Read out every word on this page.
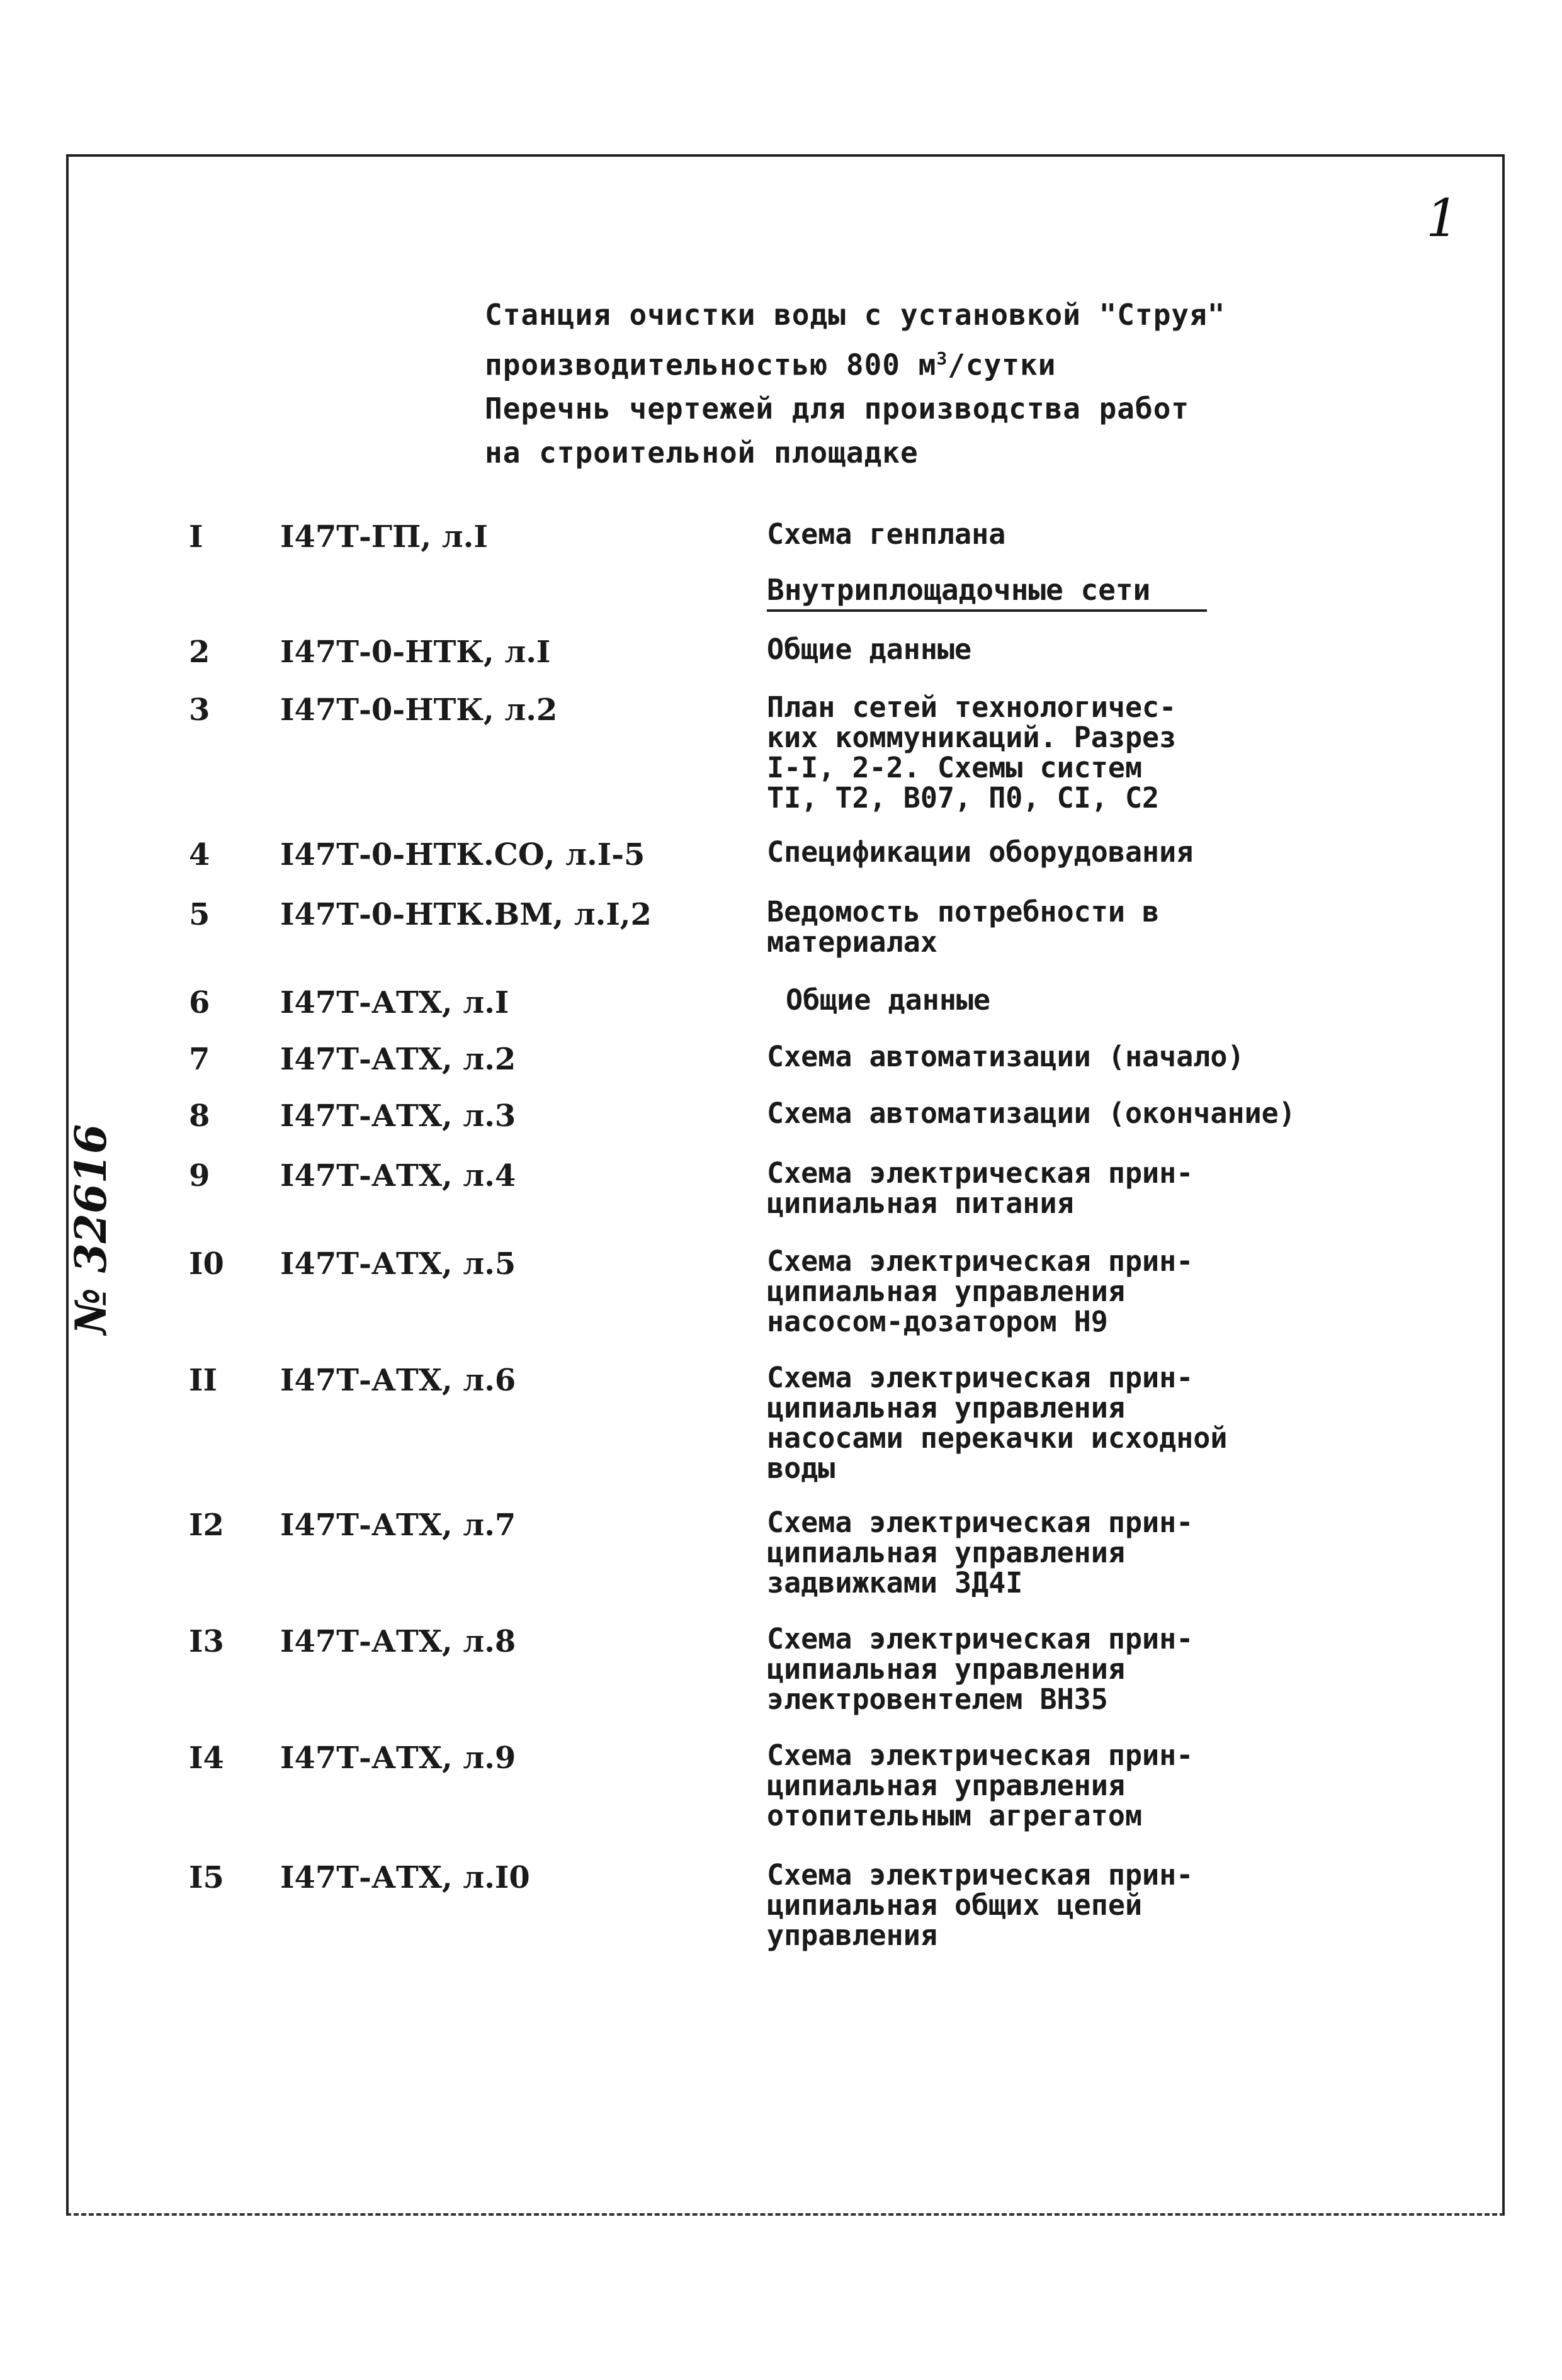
1
Станция очистки воды с установкой "Струя"
производительностью 800 $м^3$/сутки
Перечнь чертежей для производства работ
на строительной площадке
Внутриплощадочные сети
№ 32616
I	I47Т-ГП, л.I	Схема генплана
2	I47Т-0-НТК, л.I	Общие данные
3	I47Т-0-НТК, л.2	План сетей технологичес-
ких коммуникаций. Разрез
I-I, 2-2. Схемы систем
TI, T2, B07, П0, CI, C2
4	I47Т-0-НТК.СО, л.I-5	Спецификации оборудования
5	I47Т-0-НТК.ВМ, л.I,2	Ведомость потребности в
материалах
6	I47Т-АТХ, л.I	Общие данные
7	I47Т-АТХ, л.2	Схема автоматизации (начало)
8	I47Т-АТХ, л.3	Схема автоматизации (окончание)
9	I47Т-АТХ, л.4	Схема электрическая прин-
ципиальная питания
I0	I47Т-АТХ, л.5	Схема электрическая прин-
ципиальная управления
насосом-дозатором Н9
II	I47Т-АТХ, л.6	Схема электрическая прин-
ципиальная управления
насосами перекачки исходной
воды
I2	I47Т-АТХ, л.7	Схема электрическая прин-
ципиальная управления
задвижками 3Д4I
I3	I47Т-АТХ, л.8	Схема электрическая прин-
ципиальная управления
электровентелем ВН35
I4	I47Т-АТХ, л.9	Схема электрическая прин-
ципиальная управления
отопительным агрегатом
I5	I47Т-АТХ, л.I0	Схема электрическая прин-
ципиальная общих цепей
управления
